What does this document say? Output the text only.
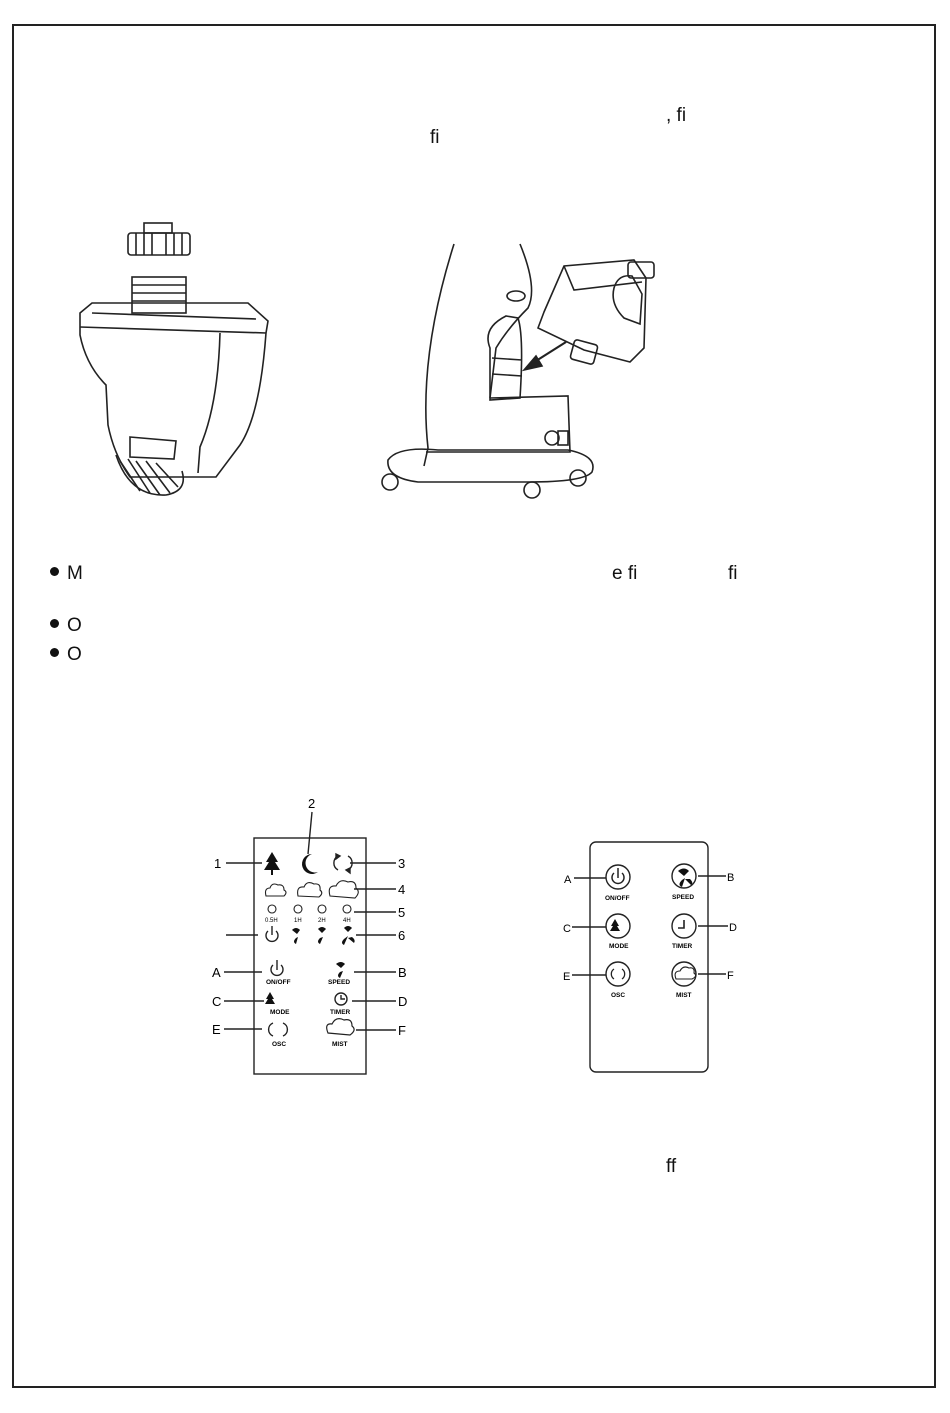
, fi
fi
M	e fi	fi
O
O
1
A
C
E
2
3
4
5
6
B
D
F
0.5H	1H	2H	4H
ON/OFF	SPEED
MODE	TIMER
OSC	MIST
A	B
C	D
E	F
ON/OFF	SPEED
MODE	TIMER
OSC	MIST
ff
